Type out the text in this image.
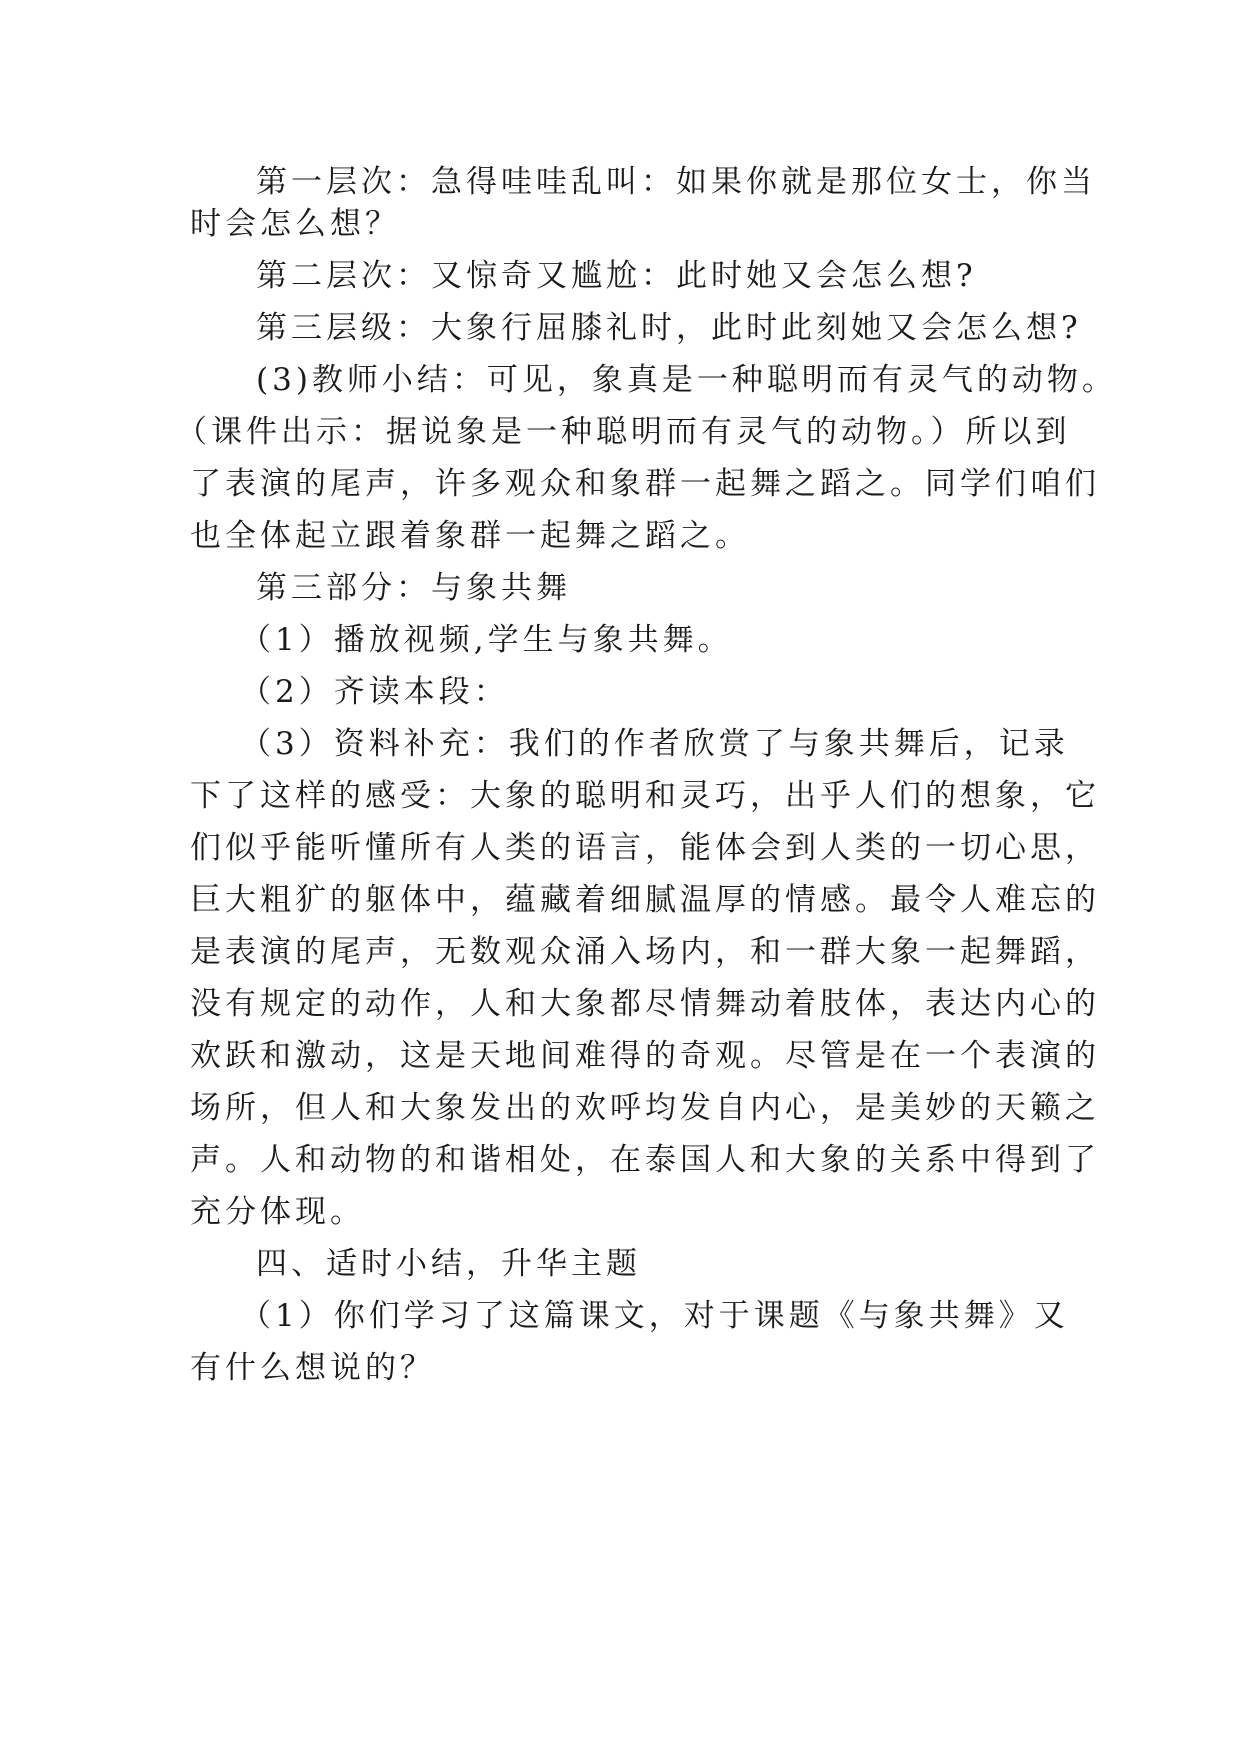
第一层次：急得哇哇乱叫：如果你就是那位女士，你当
时会怎么想？
第二层次：又惊奇又尴尬：此时她又会怎么想?
第三层级：大象行屈膝礼时，此时此刻她又会怎么想?
(3)教师小结：可见，象真是一种聪明而有灵气的动物。
（课件出示：据说象是一种聪明而有灵气的动物。）所以到
了表演的尾声，许多观众和象群一起舞之蹈之。同学们咱们
也全体起立跟着象群一起舞之蹈之。
第三部分：与象共舞
（1）播放视频,学生与象共舞。
（2）齐读本段：
（3）资料补充：我们的作者欣赏了与象共舞后，记录
下了这样的感受：大象的聪明和灵巧，出乎人们的想象，它
们似乎能听懂所有人类的语言，能体会到人类的一切心思，
巨大粗犷的躯体中，蕴藏着细腻温厚的情感。最令人难忘的
是表演的尾声，无数观众涌入场内，和一群大象一起舞蹈，
没有规定的动作，人和大象都尽情舞动着肢体，表达内心的
欢跃和激动，这是天地间难得的奇观。尽管是在一个表演的
场所，但人和大象发出的欢呼均发自内心，是美妙的天籁之
声。人和动物的和谐相处，在泰国人和大象的关系中得到了
充分体现。
四、适时小结，升华主题
（1）你们学习了这篇课文，对于课题《与象共舞》又
有什么想说的？
